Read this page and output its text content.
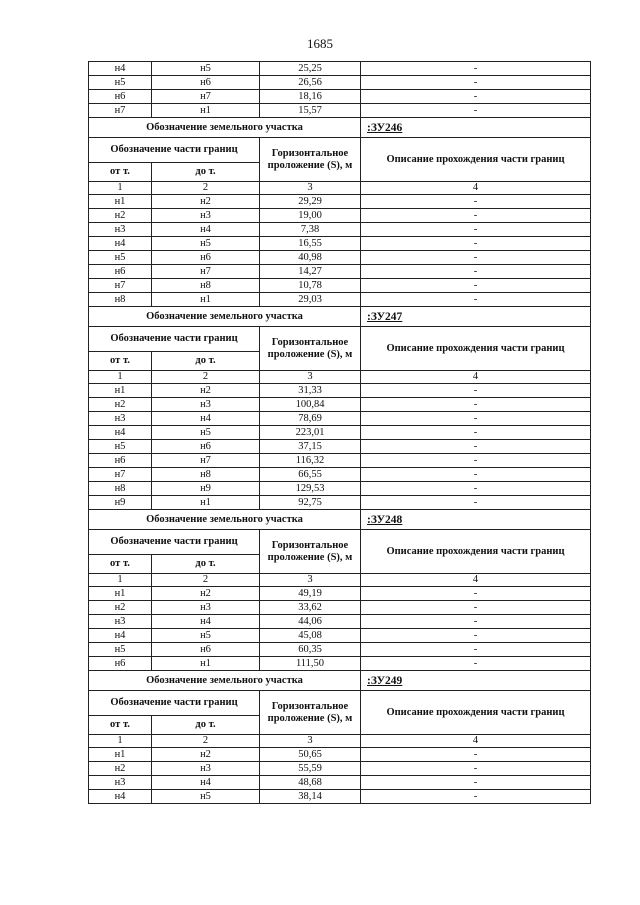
1685
н4	н5	25,25	-
н5	н6	26,56	-
н6	н7	18,16	-
н7	н1	15,57	-
Обозначение земельного участка			:ЗУ246
Обозначение части границ		Горизонтальное проложение (S), м	Описание прохождения части границ
от т.	до т.		
1	2	3	4
н1	н2	29,29	-
н2	н3	19,00	-
н3	н4	7,38	-
н4	н5	16,55	-
н5	н6	40,98	-
н6	н7	14,27	-
н7	н8	10,78	-
н8	н1	29,03	-
Обозначение земельного участка			:ЗУ247
Обозначение части границ		Горизонтальное проложение (S), м	Описание прохождения части границ
от т.	до т.		
1	2	3	4
н1	н2	31,33	-
н2	н3	100,84	-
н3	н4	78,69	-
н4	н5	223,01	-
н5	н6	37,15	-
н6	н7	116,32	-
н7	н8	66,55	-
н8	н9	129,53	-
н9	н1	92,75	-
Обозначение земельного участка			:ЗУ248
Обозначение части границ		Горизонтальное проложение (S), м	Описание прохождения части границ
от т.	до т.		
1	2	3	4
н1	н2	49,19	-
н2	н3	33,62	-
н3	н4	44,06	-
н4	н5	45,08	-
н5	н6	60,35	-
н6	н1	111,50	-
Обозначение земельного участка			:ЗУ249
Обозначение части границ		Горизонтальное проложение (S), м	Описание прохождения части границ
от т.	до т.		
1	2	3	4
н1	н2	50,65	-
н2	н3	55,59	-
н3	н4	48,68	-
н4	н5	38,14	-
